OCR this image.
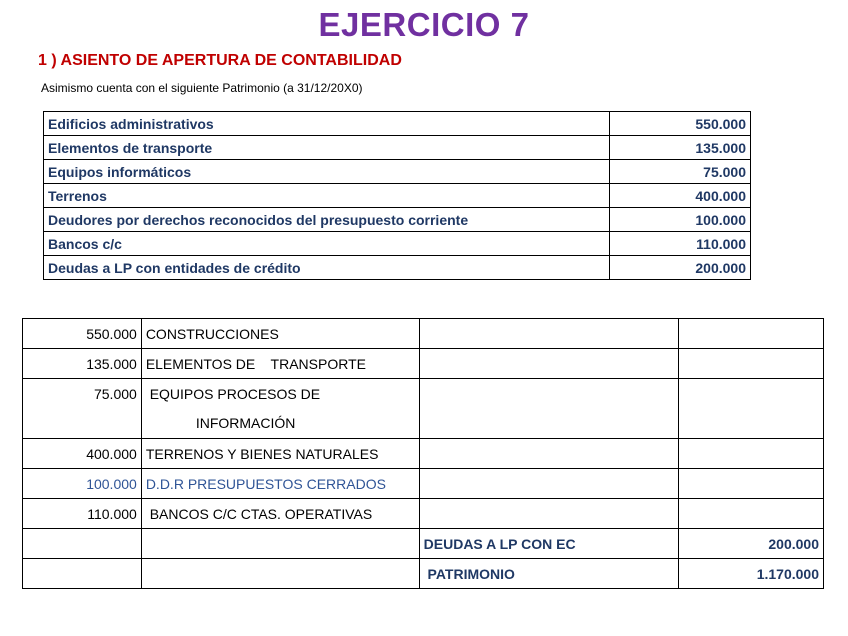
EJERCICIO 7
1 ) ASIENTO DE APERTURA DE CONTABILIDAD
Asimismo cuenta con el siguiente Patrimonio (a 31/12/20X0)
Edificios administrativos	550.000
Elementos de transporte	135.000
Equipos informáticos	75.000
Terrenos	400.000
Deudores por derechos reconocidos del presupuesto corriente	100.000
Bancos c/c	110.000
Deudas a LP con entidades de crédito	200.000
550.000	CONSTRUCCIONES		
135.000	ELEMENTOS DE    TRANSPORTE		
75.000	EQUIPOS PROCESOS DE		

	INFORMACIÓN		

400.000	TERRENOS Y BIENES NATURALES		
100.000	D.D.R PRESUPUESTOS CERRADOS		
110.000	BANCOS C/C CTAS. OPERATIVAS		
		DEUDAS A LP CON EC	200.000
		PATRIMONIO	1.170.000
